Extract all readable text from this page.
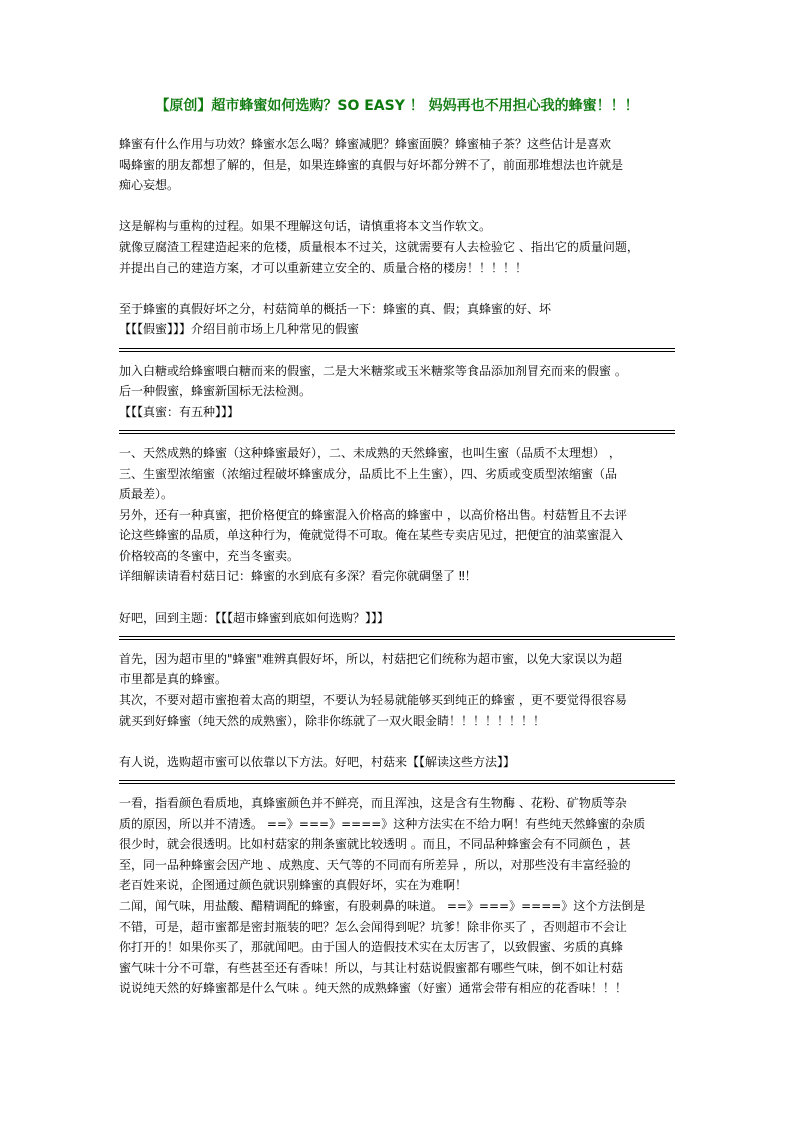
【原创】超市蜂蜜如何选购？SO EASY ！ 妈妈再也不用担心我的蜂蜜！！！
蜂蜜有什么作用与功效？蜂蜜水怎么喝？蜂蜜减肥？蜂蜜面膜？蜂蜜柚子茶？这些估计是喜欢
喝蜂蜜的朋友都想了解的，但是，如果连蜂蜜的真假与好坏都分辨不了，前面那堆想法也许就是
痴心妄想。
这是解构与重构的过程。如果不理解这句话，请慎重将本文当作软文。
就像豆腐渣工程建造起来的危楼，质量根本不过关，这就需要有人去检验它 、指出它的质量问题，
并提出自己的建造方案，才可以重新建立安全的、质量合格的楼房！！！！！
至于蜂蜜的真假好坏之分，村菇简单的概括一下：蜂蜜的真、假；真蜂蜜的好、坏
【【【假蜜】】】介绍目前市场上几种常见的假蜜
加入白糖或给蜂蜜喂白糖而来的假蜜，二是大米糖浆或玉米糖浆等食品添加剂冒充而来的假蜜 。
后一种假蜜，蜂蜜新国标无法检测。
【【【真蜜：有五种】】】
一、天然成熟的蜂蜜（这种蜂蜜最好），二、未成熟的天然蜂蜜，也叫生蜜（品质不太理想） ，
三、生蜜型浓缩蜜（浓缩过程破坏蜂蜜成分，品质比不上生蜜），四、劣质或变质型浓缩蜜（品
质最差）。
另外，还有一种真蜜，把价格便宜的蜂蜜混入价格高的蜂蜜中 ，以高价格出售。村菇暂且不去评
论这些蜂蜜的品质，单这种行为，俺就觉得不可取。俺在某些专卖店见过，把便宜的油菜蜜混入
价格较高的冬蜜中，充当冬蜜卖。
详细解读请看村菇日记：蜂蜜的水到底有多深？看完你就碉堡了 ‼！
好吧，回到主题：【【【超市蜂蜜到底如何选购？】】】
首先，因为超市里的"蜂蜜"难辨真假好坏，所以，村菇把它们统称为超市蜜，以免大家误以为超
市里都是真的蜂蜜。
其次，不要对超市蜜抱着太高的期望，不要认为轻易就能够买到纯正的蜂蜜 ，更不要觉得很容易
就买到好蜂蜜（纯天然的成熟蜜），除非你练就了一双火眼金睛！！！！！！！！
有人说，选购超市蜜可以依靠以下方法。好吧，村菇来【【解读这些方法】】
一看，指看颜色看质地，真蜂蜜颜色并不鲜亮，而且浑浊，这是含有生物酶 、花粉、矿物质等杂
质的原因，所以并不清透。 ==》===》====》这种方法实在不给力啊！有些纯天然蜂蜜的杂质
很少时，就会很透明。比如村菇家的荆条蜜就比较透明 。而且，不同品种蜂蜜会有不同颜色 ，甚
至，同一品种蜂蜜会因产地 、成熟度、天气等的不同而有所差异 ，所以，对那些没有丰富经验的
老百姓来说，企图通过颜色就识别蜂蜜的真假好坏，实在为难啊！
二闻，闻气味，用盐酸、醋精调配的蜂蜜，有股刺鼻的味道。 ==》===》====》这个方法倒是
不错，可是，超市蜜都是密封瓶装的吧？怎么会闻得到呢？坑爹！除非你买了 ，否则超市不会让
你打开的！如果你买了，那就闻吧。由于国人的造假技术实在太厉害了，以致假蜜、劣质的真蜂
蜜气味十分不可靠，有些甚至还有香味！所以，与其让村菇说假蜜都有哪些气味，倒不如让村菇
说说纯天然的好蜂蜜都是什么气味 。纯天然的成熟蜂蜜（好蜜）通常会带有相应的花香味！！！
